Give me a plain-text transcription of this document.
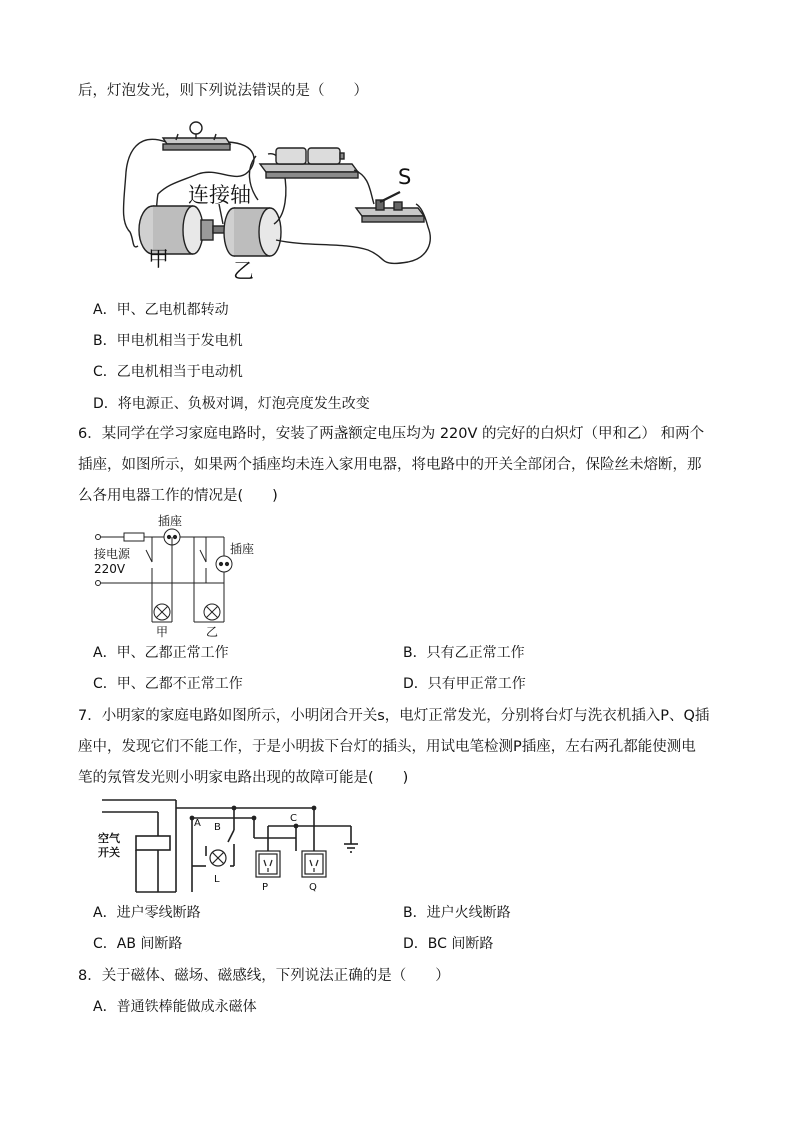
后，灯泡发光，则下列说法错误的是（　　）
连接轴
甲	乙
S
A．甲、乙电机都转动
B．甲电机相当于发电机
C．乙电机相当于电动机
D．将电源正、负极对调，灯泡亮度发生改变
6．某同学在学习家庭电路时，安装了两盏额定电压均为 220V 的完好的白炽灯（甲和乙） 和两个
插座，如图所示，如果两个插座均未连入家用电器，将电路中的开关全部闭合，保险丝未熔断，那
么各用电器工作的情况是(　　)
插座
插座
接电源
220V
甲	乙
A．甲、乙都正常工作	B．只有乙正常工作
C．甲、乙都不正常工作	D．只有甲正常工作
7．小明家的家庭电路如图所示，小明闭合开关s，电灯正常发光，分别将台灯与洗衣机插入P、Q插
座中，发现它们不能工作，于是小明拔下台灯的插头，用试电笔检测P插座，左右两孔都能使测电
笔的氖管发光则小明家电路出现的故障可能是(　　)
空气
开关
A B
C
L
P	Q
A．进户零线断路	B．进户火线断路
C．AB 间断路	D．BC 间断路
8．关于磁体、磁场、磁感线，下列说法正确的是（　　）
A．普通铁棒能做成永磁体
